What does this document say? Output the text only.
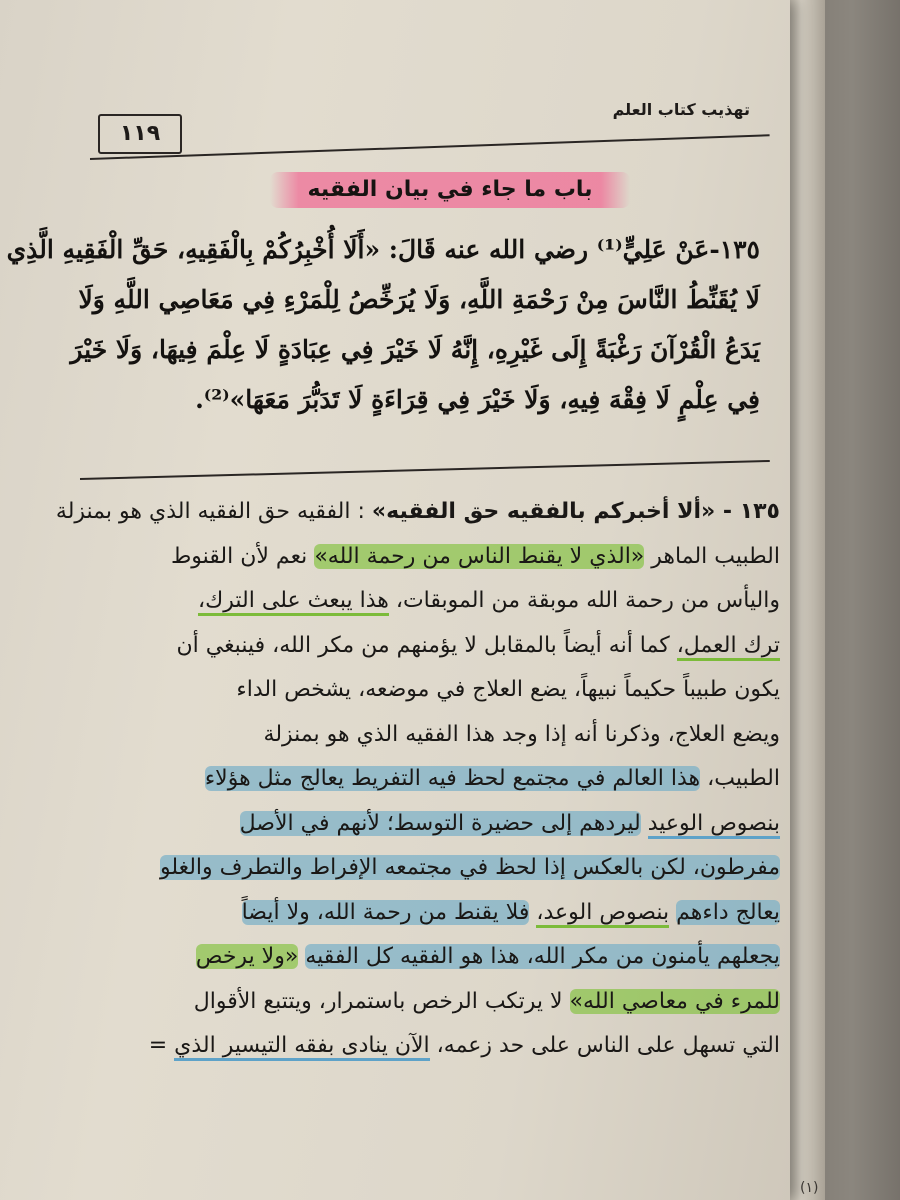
١١٩
تهذيب كتاب العلم
باب ما جاء في بيان الفقيه
١٣٥-عَنْ عَلِيٍّ⁽¹⁾ رضي الله عنه قَالَ: «أَلَا أُخْبِرُكُمْ بِالْفَقِيهِ، حَقِّ الْفَقِيهِ الَّذِي
لَا يُقَنِّطُ النَّاسَ مِنْ رَحْمَةِ اللَّهِ، وَلَا يُرَخِّصُ لِلْمَرْءِ فِي مَعَاصِي اللَّهِ وَلَا
يَدَعُ الْقُرْآنَ رَغْبَةً إِلَى غَيْرِهِ، إِنَّهُ لَا خَيْرَ فِي عِبَادَةٍ لَا عِلْمَ فِيهَا، وَلَا خَيْرَ
فِي عِلْمٍ لَا فِقْهَ فِيهِ، وَلَا خَيْرَ فِي قِرَاءَةٍ لَا تَدَبُّرَ مَعَهَا»⁽²⁾.
١٣٥ - «ألا أخبركم بالفقيه حق الفقيه» : الفقيه حق الفقيه الذي هو بمنزلة
الطبيب الماهر «الذي لا يقنط الناس من رحمة الله» نعم لأن القنوط
واليأس من رحمة الله موبقة من الموبقات، هذا يبعث على الترك،
ترك العمل، كما أنه أيضاً بالمقابل لا يؤمنهم من مكر الله، فينبغي أن
يكون طبيباً حكيماً نبيهاً، يضع العلاج في موضعه، يشخص الداء
ويضع العلاج، وذكرنا أنه إذا وجد هذا الفقيه الذي هو بمنزلة
الطبيب، هذا العالم في مجتمع لحظ فيه التفريط يعالج مثل هؤلاء
بنصوص الوعيد ليردهم إلى حضيرة التوسط؛ لأنهم في الأصل
مفرطون، لكن بالعكس إذا لحظ في مجتمعه الإفراط والتطرف والغلو
يعالج داءهم بنصوص الوعد، فلا يقنط من رحمة الله، ولا أيضاً
يجعلهم يأمنون من مكر الله، هذا هو الفقيه كل الفقيه «ولا يرخص
للمرء في معاصي الله» لا يرتكب الرخص باستمرار، ويتتبع الأقوال
التي تسهل على الناس على حد زعمه، الآن ينادى بفقه التيسير الذي =
(١)
